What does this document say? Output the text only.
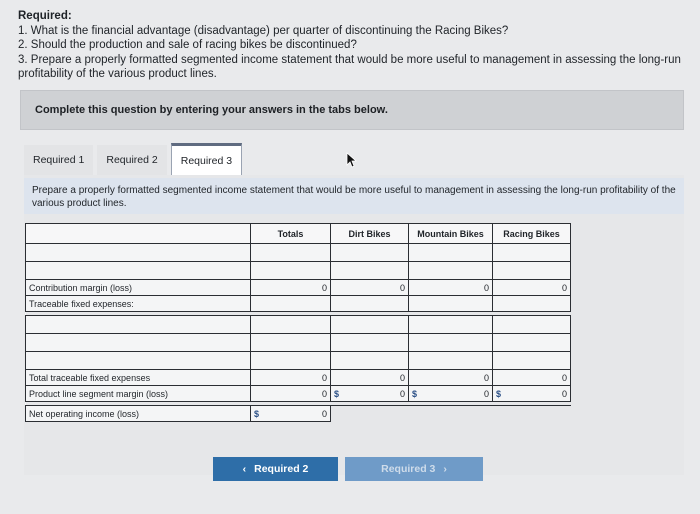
Required:
1. What is the financial advantage (disadvantage) per quarter of discontinuing the Racing Bikes?
2. Should the production and sale of racing bikes be discontinued?
3. Prepare a properly formatted segmented income statement that would be more useful to management in assessing the long-run profitability of the various product lines.
Complete this question by entering your answers in the tabs below.
Required 1	Required 2	Required 3
Prepare a properly formatted segmented income statement that would be more useful to management in assessing the long-run profitability of the various product lines.
	Totals	Dirt Bikes	Mountain Bikes	Racing Bikes

Contribution margin (loss)	0	0	0	0
Traceable fixed expenses:				

Total traceable fixed expenses	0	0	0	0
Product line segment margin (loss)	0	$ 0	$ 0	$ 0

Net operating income (loss)	$ 0			
‹ Required 2	Required 3 ›
